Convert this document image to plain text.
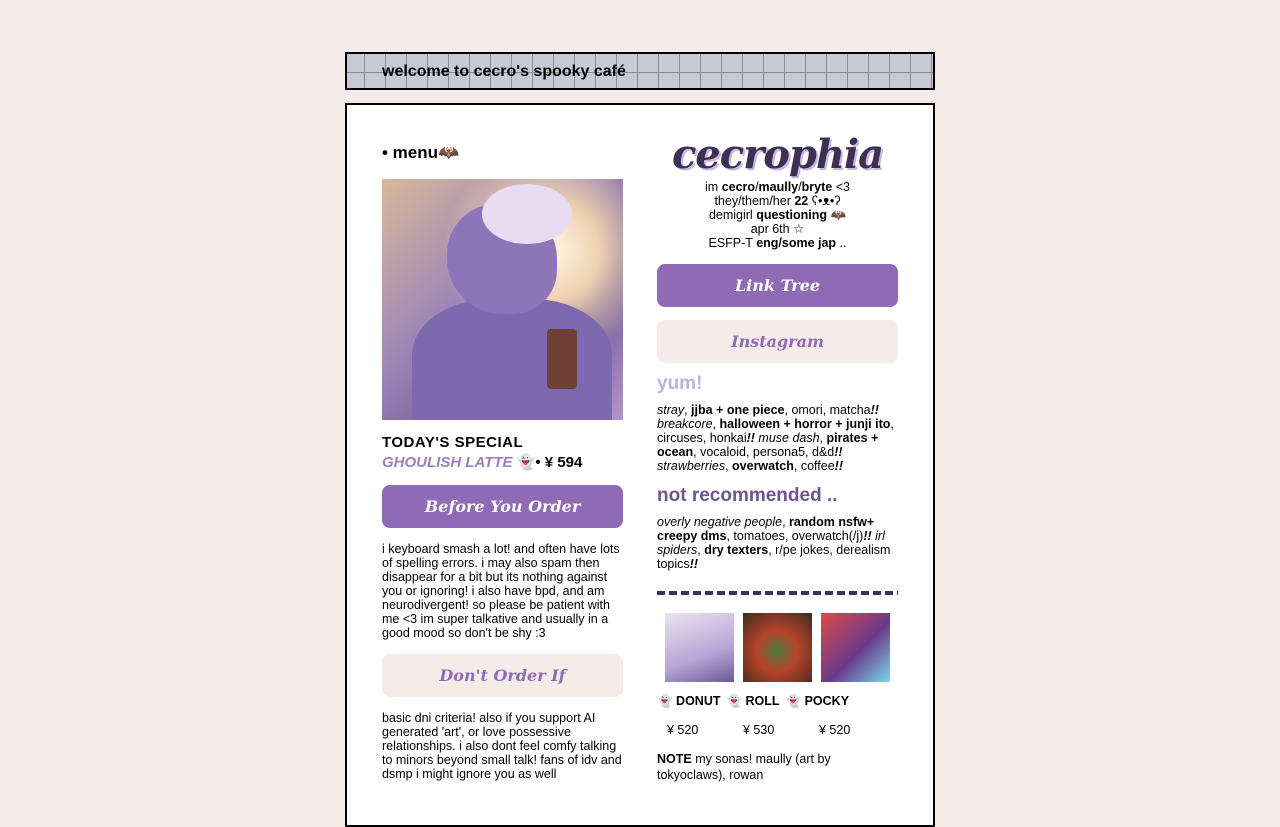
welcome to cecro's spooky café
• menu🦇
TODAY'S SPECIAL
GHOULISH LATTE 👻• ¥ 594
Before You Order
i keyboard smash a lot! and often have lots of spelling errors. i may also spam then disappear for a bit but its nothing against you or ignoring! i also have bpd, and am neurodivergent! so please be patient with me <3 im super talkative and usually in a good mood so don't be shy :3
Don't Order If
basic dni criteria! also if you support AI generated 'art', or love possessive relationships. i also dont feel comfy talking to minors beyond small talk! fans of idv and dsmp i might ignore you as well
cecrophia
im cecro/maully/bryte <3
they/them/her 22 ʕ•ᴥ•ʔ
demigirl questioning 🦇
apr 6th ☆
ESFP-T eng/some jap ..
Link Tree
Instagram
yum!
stray, jjba + one piece, omori, matcha!! breakcore, halloween + horror + junji ito, circuses, honkai!! muse dash, pirates + ocean, vocaloid, persona5, d&d!! strawberries, overwatch, coffee!!
not recommended ..
overly negative people, random nsfw+ creepy dms, tomatoes, overwatch(/j)!! irl spiders, dry texters, r/pe jokes, derealism topics!!
👻 DONUT 👻 ROLL 👻 POCKY
¥ 520	¥ 530	¥ 520
NOTE my sonas! maully (art by tokyoclaws), rowan
